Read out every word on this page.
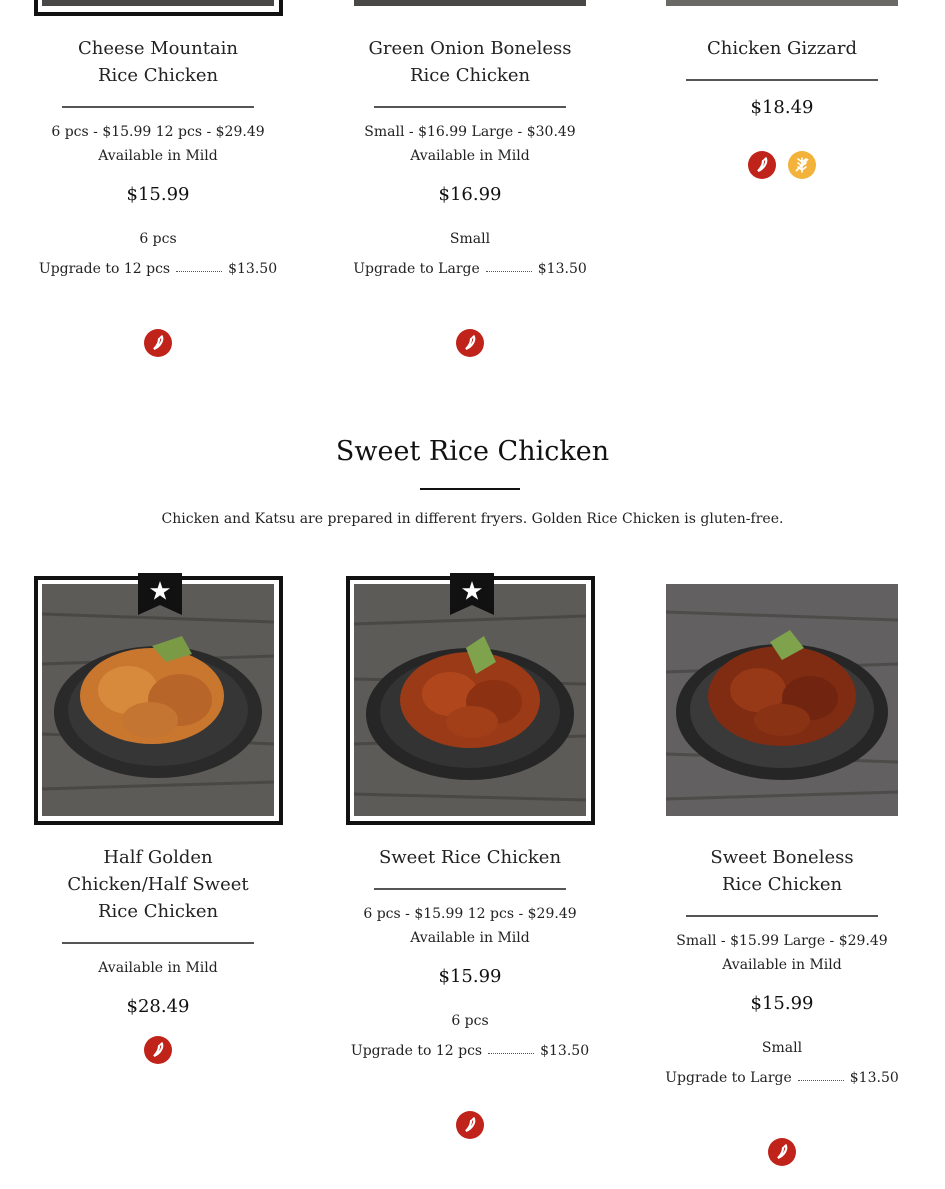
Cheese Mountain Rice Chicken
6 pcs - $15.99 12 pcs - $29.49 Available in Mild
$15.99
6 pcs
Upgrade to 12 pcs	$13.50
Green Onion Boneless Rice Chicken
Small - $16.99 Large - $30.49 Available in Mild
$16.99
Small
Upgrade to Large	$13.50
Chicken Gizzard
$18.49

Sweet Rice Chicken
Chicken and Katsu are prepared in different fryers. Golden Rice Chicken is gluten-free.
Half Golden Chicken/Half Sweet Rice Chicken
Available in Mild
$28.49
Sweet Rice Chicken
6 pcs - $15.99 12 pcs - $29.49 Available in Mild
$15.99
6 pcs
Upgrade to 12 pcs	$13.50
Sweet Boneless Rice Chicken
Small - $15.99 Large - $29.49 Available in Mild
$15.99
Small
Upgrade to Large	$13.50
